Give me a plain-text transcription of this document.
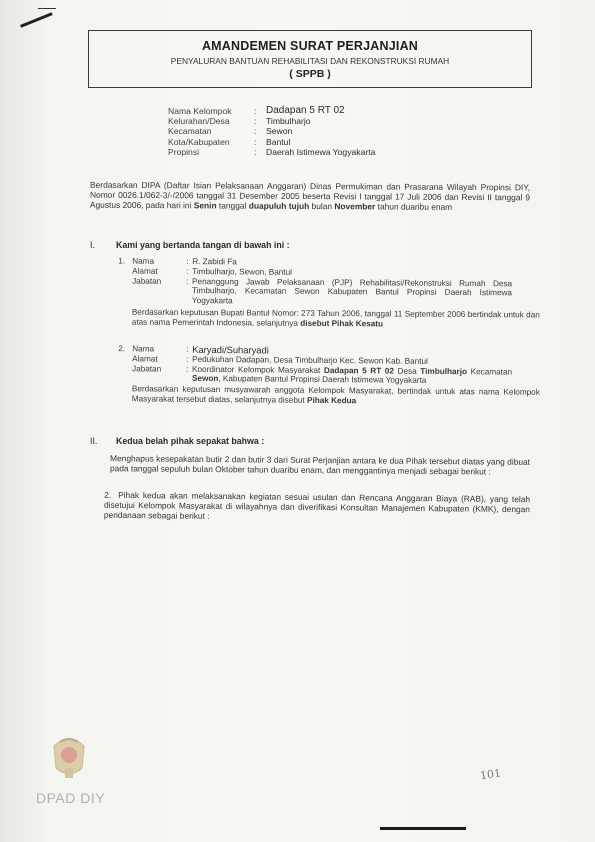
AMANDEMEN SURAT PERJANJIAN
PENYALURAN BANTUAN REHABILITASI DAN REKONSTRUKSI RUMAH
( SPPB )
Nama Kelompok	: Dadapan 5 RT 02
Kelurahan/Desa	:	Timbulharjo
Kecamatan	:	Sewon
Kota/Kabupaten	:	Bantul
Propinsi	:	Daerah Istimewa Yogyakarta
Berdasarkan DIPA (Daftar Isian Pelaksanaan Anggaran) Dinas Permukiman dan Prasarana Wilayah Propinsi DIY, Nomor 0026.1/062-3/-/2006 tanggal 31 Desember 2005 beserta Revisi I tanggal 17 Juli 2006 dan Revisi II tanggal 9 Agustus 2006, pada hari ini Senin tanggal duapuluh tujuh bulan November tahun duaribu enam
I. Kami yang bertanda tangan di bawah ini :
1. Nama	: R. Zabidi Fa
Alamat	: Timbulharjo, Sewon, Bantul
Jabatan	: Penanggung Jawab Pelaksanaan (PJP) Rehabilitasi/Rekonstruksi Rumah Desa Timbulharjo, Kecamatan Sewon Kabupaten Bantul Propinsi Daerah Istimewa Yogyakarta
Berdasarkan keputusan Bupati Bantul Nomor: 273 Tahun 2006, tanggal 11 September 2006 bertindak untuk dan atas nama Pemerintah Indonesia, selanjutnya disebut Pihak Kesatu
2. Nama	: Karyadi/Suharyadi
Alamat	: Pedukuhan Dadapan, Desa Timbulharjo Kec. Sewon Kab. Bantul
Jabatan	: Koordinator Kelompok Masyarakat Dadapan 5 RT 02 Desa Timbulharjo Kecamatan Sewon, Kabupaten Bantul Propinsi Daerah Istimewa Yogyakarta
Berdasarkan keputusan musyawarah anggota Kelompok Masyarakat, bertindak untuk atas nama Kelompok Masyarakat tersebut diatas, selanjutnya disebut Pihak Kedua
II. Kedua belah pihak sepakat bahwa :
Menghapus kesepakatan butir 2 dan butir 3 dari Surat Perjanjian antara ke dua Pihak tersebut diatas yang dibuat pada tanggal sepuluh bulan Oktober tahun duaribu enam, dan menggantinya menjadi sebagai berikut :
2. Pihak kedua akan melaksanakan kegiatan sesuai usulan dan Rencana Anggaran Biaya (RAB), yang telah disetujui Kelompok Masyarakat di wilayahnya dan diverifikasi Konsultan Manajemen Kabupaten (KMK), dengan pendanaan sebagai berikut :
DPAD DIY
101
